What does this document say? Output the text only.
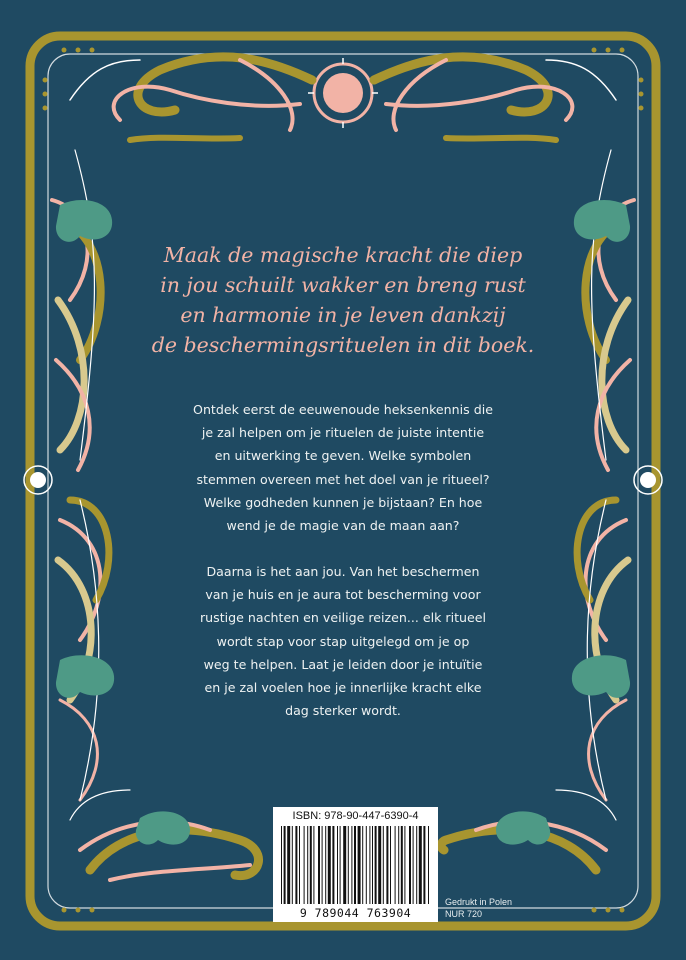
Maak de magische kracht die diep
in jou schuilt wakker en breng rust
en harmonie in je leven dankzij
de beschermingsrituelen in dit boek.
Ontdek eerst de eeuwenoude heksenkennis die
je zal helpen om je rituelen de juiste intentie
en uitwerking te geven. Welke symbolen
stemmen overeen met het doel van je ritueel?
Welke godheden kunnen je bijstaan? En hoe
wend je de magie van de maan aan?
Daarna is het aan jou. Van het beschermen
van je huis en je aura tot bescherming voor
rustige nachten en veilige reizen... elk ritueel
wordt stap voor stap uitgelegd om je op
weg te helpen. Laat je leiden door je intuïtie
en je zal voelen hoe je innerlijke kracht elke
dag sterker wordt.
ISBN: 978-90-447-6390-4
9 789044 763904
Gedrukt in Polen
NUR 720
